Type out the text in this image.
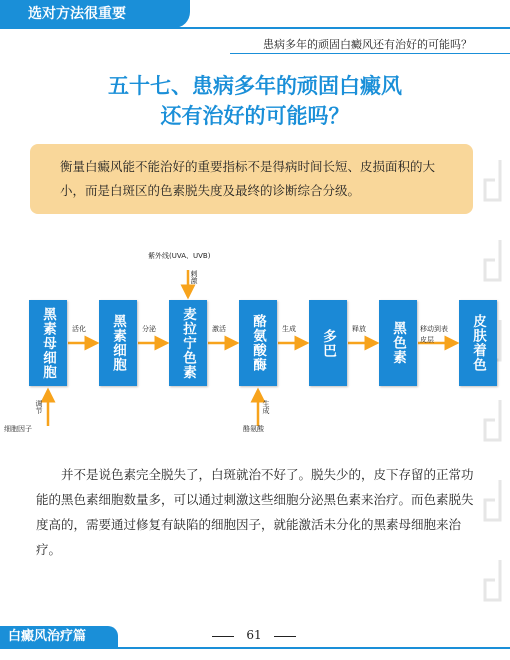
选对方法很重要
患病多年的顽固白癜风还有治好的可能吗？
五十七、患病多年的顽固白癜风
还有治好的可能吗？
衡量白癜风能不能治好的重要指标不是得病时间长短、皮损面积的大小，而是白斑区的色素脱失度及最终的诊断综合分级。
黑素母细胞	黑素细胞	麦拉宁色素	酪氨酸酶	多巴	黑色素	皮肤着色
活化	分泌	激活	生成	释放	移动到表皮层
紫外线(UVA、UVB)
刺激
调节
细胞因子
生成
酪氨酸
并不是说色素完全脱失了，白斑就治不好了。脱失少的，皮下存留的正常功能的黑色素细胞数量多，可以通过刺激这些细胞分泌黑色素来治疗。而色素脱失度高的，需要通过修复有缺陷的细胞因子，就能激活未分化的黑素母细胞来治疗。
白癜风治疗篇	61
